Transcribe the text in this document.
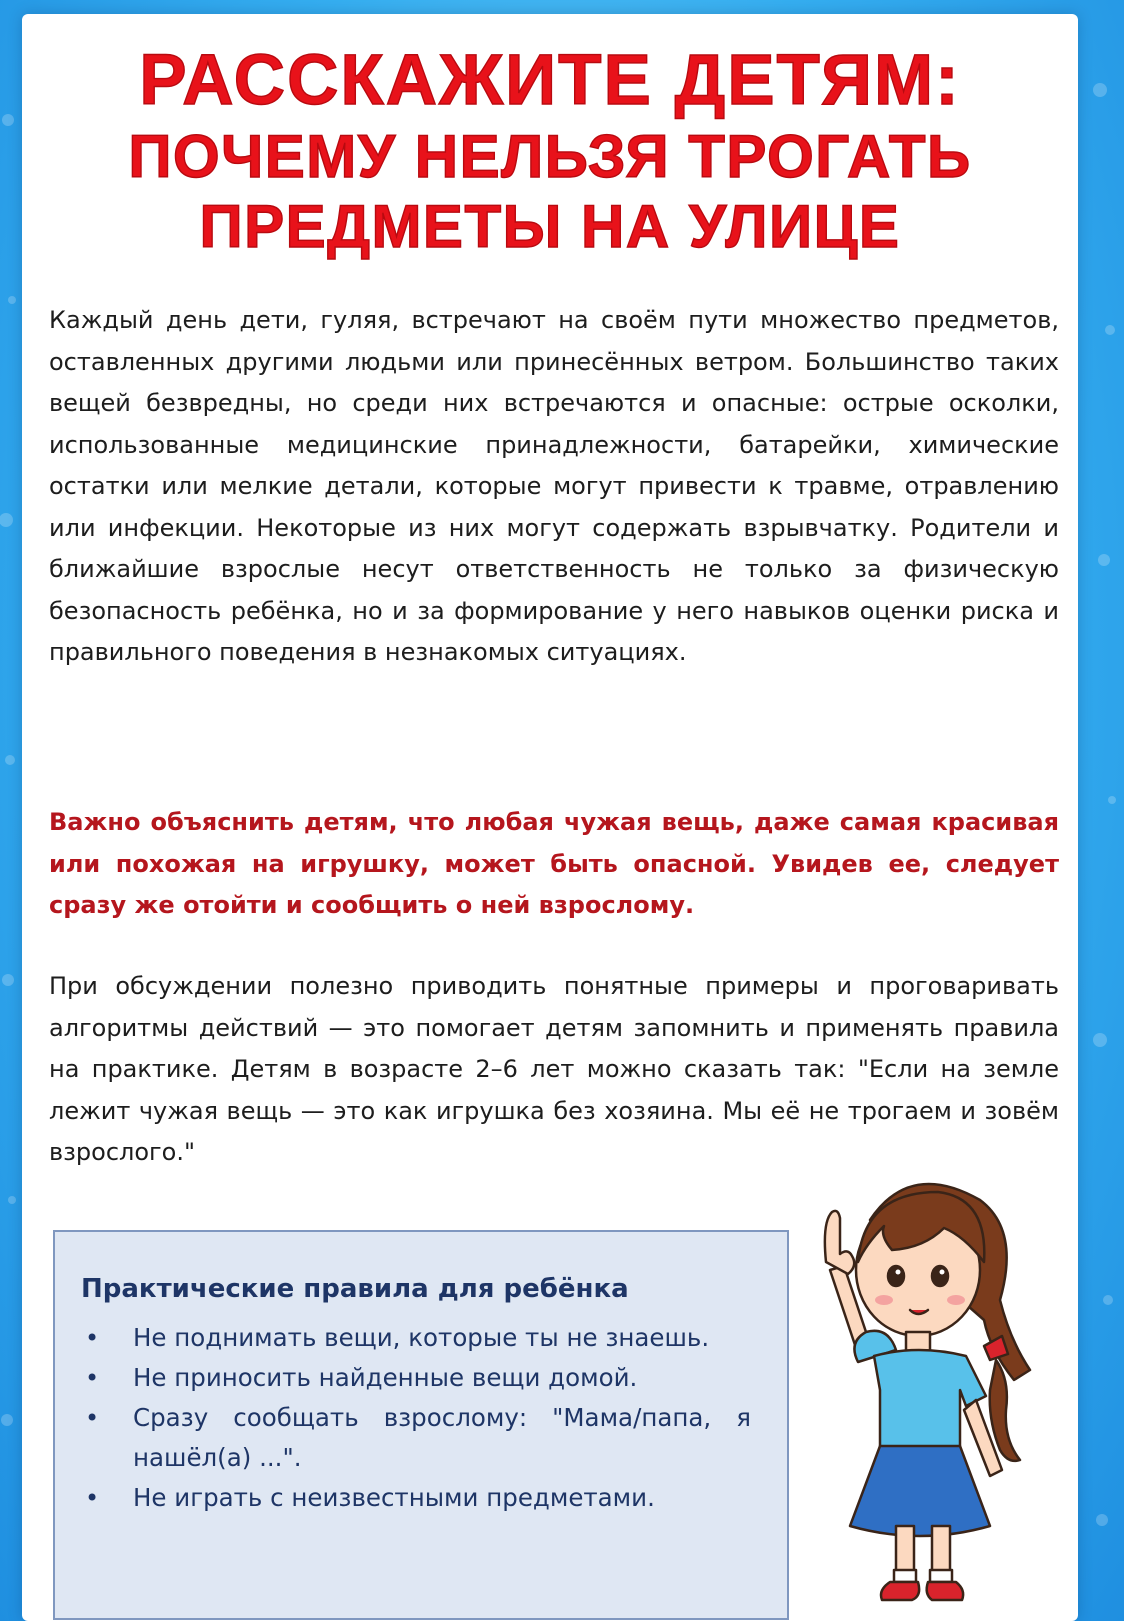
РАССКАЖИТЕ ДЕТЯМ:
ПОЧЕМУ НЕЛЬЗЯ ТРОГАТЬ
ПРЕДМЕТЫ НА УЛИЦЕ

Каждый день дети, гуляя, встречают на своём пути множество предметов, оставленных другими людьми или принесённых ветром. Большинство таких вещей безвредны, но среди них встречаются и опасные: острые осколки, использованные медицинские принадлежности, батарейки, химические остатки или мелкие детали, которые могут привести к травме, отравлению или инфекции. Некоторые из них могут содержать взрывчатку. Родители и ближайшие взрослые несут ответственность не только за физическую безопасность ребёнка, но и за формирование у него навыков оценки риска и правильного поведения в незнакомых ситуациях.

Важно объяснить детям, что любая чужая вещь, даже самая красивая или похожая на игрушку, может быть опасной. Увидев ее, следует сразу же отойти и сообщить о ней взрослому.

При обсуждении полезно приводить понятные примеры и проговаривать алгоритмы действий — это помогает детям запомнить и применять правила на практике. Детям в возрасте 2–6 лет можно сказать так: "Если на земле лежит чужая вещь — это как игрушка без хозяина. Мы её не трогаем и зовём взрослого."

Практические правила для ребёнка
• Не поднимать вещи, которые ты не знаешь.
• Не приносить найденные вещи домой.
• Сразу сообщать взрослому: "Мама/папа, я нашёл(а) ...".
• Не играть с неизвестными предметами.
